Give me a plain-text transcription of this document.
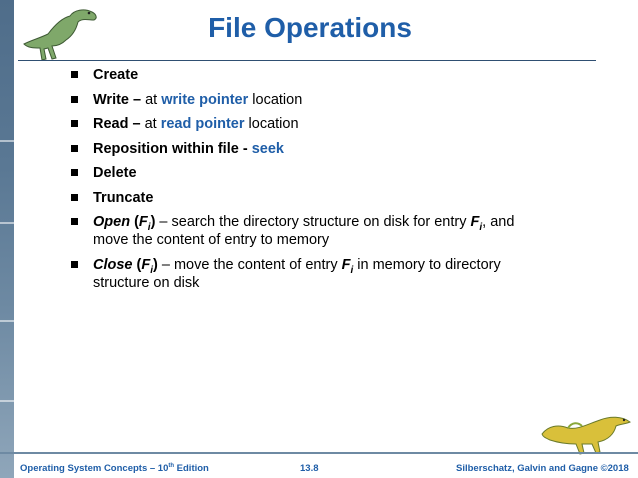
File Operations
Create
Write – at write pointer location
Read – at read pointer location
Reposition within file - seek
Delete
Truncate
Open $(F_i)$ – search the directory structure on disk for entry $F_i$, and move the content of entry to memory
Close $(F_i)$ – move the content of entry $F_i$ in memory to directory structure on disk
Operating System Concepts – 10th Edition	13.8	Silberschatz, Galvin and Gagne ©2018
